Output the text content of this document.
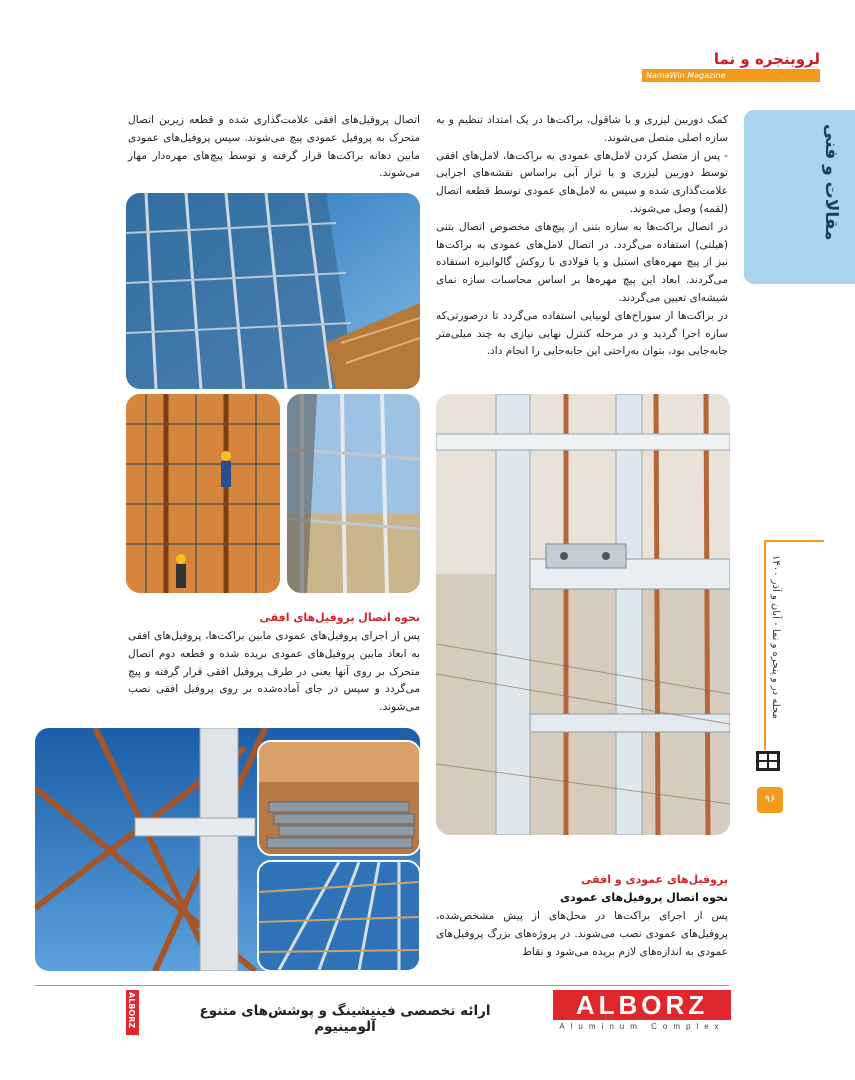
لروینجره و نما
NamaWin Magazine
مقالات و فنی
کمک دوربین لیزری و یا شاقول، براکت‌ها در یک امتداد تنظیم و به سازه اصلی متصل می‌شوند.
- پس از متصل کردن لامل‌های عمودی به براکت‌ها، لامل‌های افقی توسط دوربین لیزری و یا تراز آبی براساس نقشه‌های اجرایی علامت‌گذاری شده و سپس به لامل‌های عمودی توسط قطعه اتصال (لقمه) وصل می‌شوند.
در اتصال براکت‌ها به سازه بتنی از پیچ‌های مخصوص اتصال بتنی (هیلتی) استفاده می‌گردد. در اتصال لامل‌های عمودی به براکت‌ها نیز از پیچ مهره‌های استیل و یا فولادی با روکش گالوانیزه استفاده می‌گردند. ابعاد این پیچ مهره‌ها بر اساس محاسبات سازه نمای شیشه‌ای تعیین می‌گردند.
در براکت‌ها از سوراخ‌های لوبیایی استفاده می‌گردد تا درصورتی‌که سازه اجرا گردید و در مرحله کنترل نهایی نیازی به چند میلی‌متر جابه‌جایی بود، بتوان به‌راحتی این جابه‌جایی را انجام داد.
اتصال پروفیل‌های افقی علامت‌گذاری شده و قطعه زیرین اتصال متحرک به پروفیل عمودی پیچ می‌شوند. سپس پروفیل‌های عمودی مابین دهانه براکت‌ها قرار گرفته و توسط پیچ‌های مهره‌دار مهار می‌شوند.
نحوه اتصال پروفیل‌های افقی
پس از اجرای پروفیل‌های عمودی مابین براکت‌ها، پروفیل‌های افقی به ابعاد مابین پروفیل‌های عمودی بریده شده و قطعه دوم اتصال متحرک بر روی آنها یعنی در طرف پروفیل افقی قرار گرفته و پیچ می‌گردد و سپس در جای آماده‌شده بر روی پروفیل افقی نصب می‌شوند.
پروفیل‌های عمودی و افقی
نحوه اتصال پروفیل‌های عمودی
پس از اجرای براکت‌ها در محل‌های از پیش مشخص‌شده، پروفیل‌های عمودی نصب می‌شوند. در پروژه‌های بزرگ پروفیل‌های عمودی به اندازه‌های لازم بریده می‌شود و نقاط
مجله در و پنجره و نما - آبان و آذر ۱۴۰۰
۹۶
ALBORZ	ارائه تخصصی فینیشینگ و پوشش‌های متنوع آلومینیوم
ALBORZ
Aluminum Complex
